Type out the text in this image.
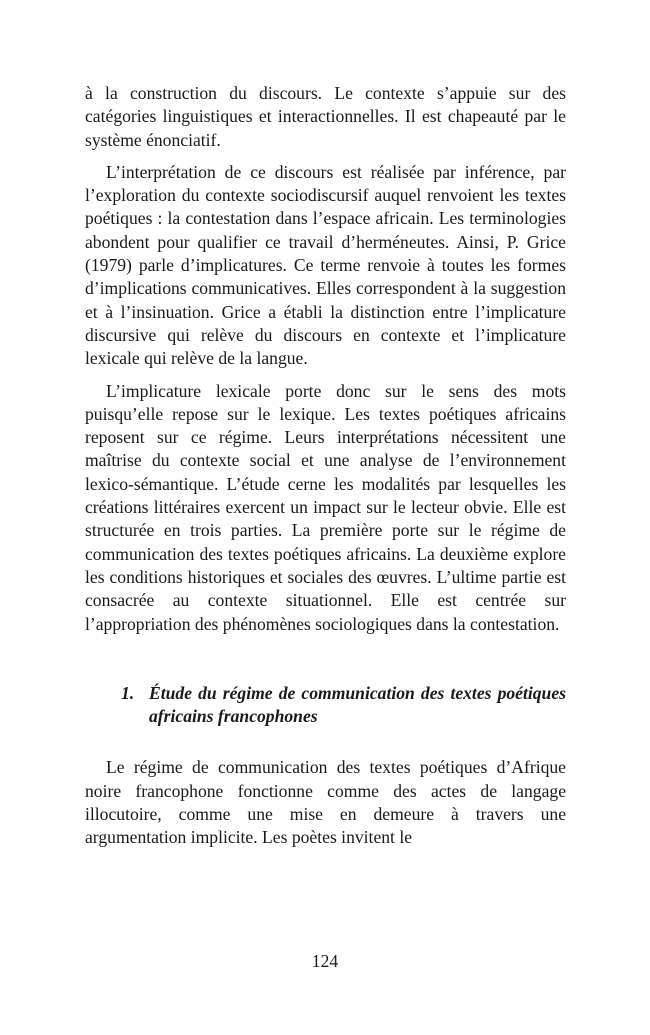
à la construction du discours. Le contexte s’appuie sur des catégories linguistiques et interactionnelles. Il est chapeauté par le système énonciatif.

L’interprétation de ce discours est réalisée par inférence, par l’exploration du contexte sociodiscursif auquel renvoient les textes poétiques : la contestation dans l’espace africain. Les terminologies abondent pour qualifier ce travail d’herméneutes. Ainsi, P. Grice (1979) parle d’implicatures. Ce terme renvoie à toutes les formes d’implications communicatives. Elles correspondent à la suggestion et à l’insinuation. Grice a établi la distinction entre l’implicature discursive qui relève du discours en contexte et l’implicature lexicale qui relève de la langue.

L’implicature lexicale porte donc sur le sens des mots puisqu’elle repose sur le lexique. Les textes poétiques africains reposent sur ce régime. Leurs interprétations nécessitent une maîtrise du contexte social et une analyse de l’environnement lexico-sémantique. L’étude cerne les modalités par lesquelles les créations littéraires exercent un impact sur le lecteur obvie. Elle est structurée en trois parties. La première porte sur le régime de communication des textes poétiques africains. La deuxième explore les conditions historiques et sociales des œuvres. L’ultime partie est consacrée au contexte situationnel. Elle est centrée sur l’appropriation des phénomènes sociologiques dans la contestation.

1. Étude du régime de communication des textes poétiques africains francophones

Le régime de communication des textes poétiques d’Afrique noire francophone fonctionne comme des actes de langage illocutoire, comme une mise en demeure à travers une argumentation implicite. Les poètes invitent le

124
